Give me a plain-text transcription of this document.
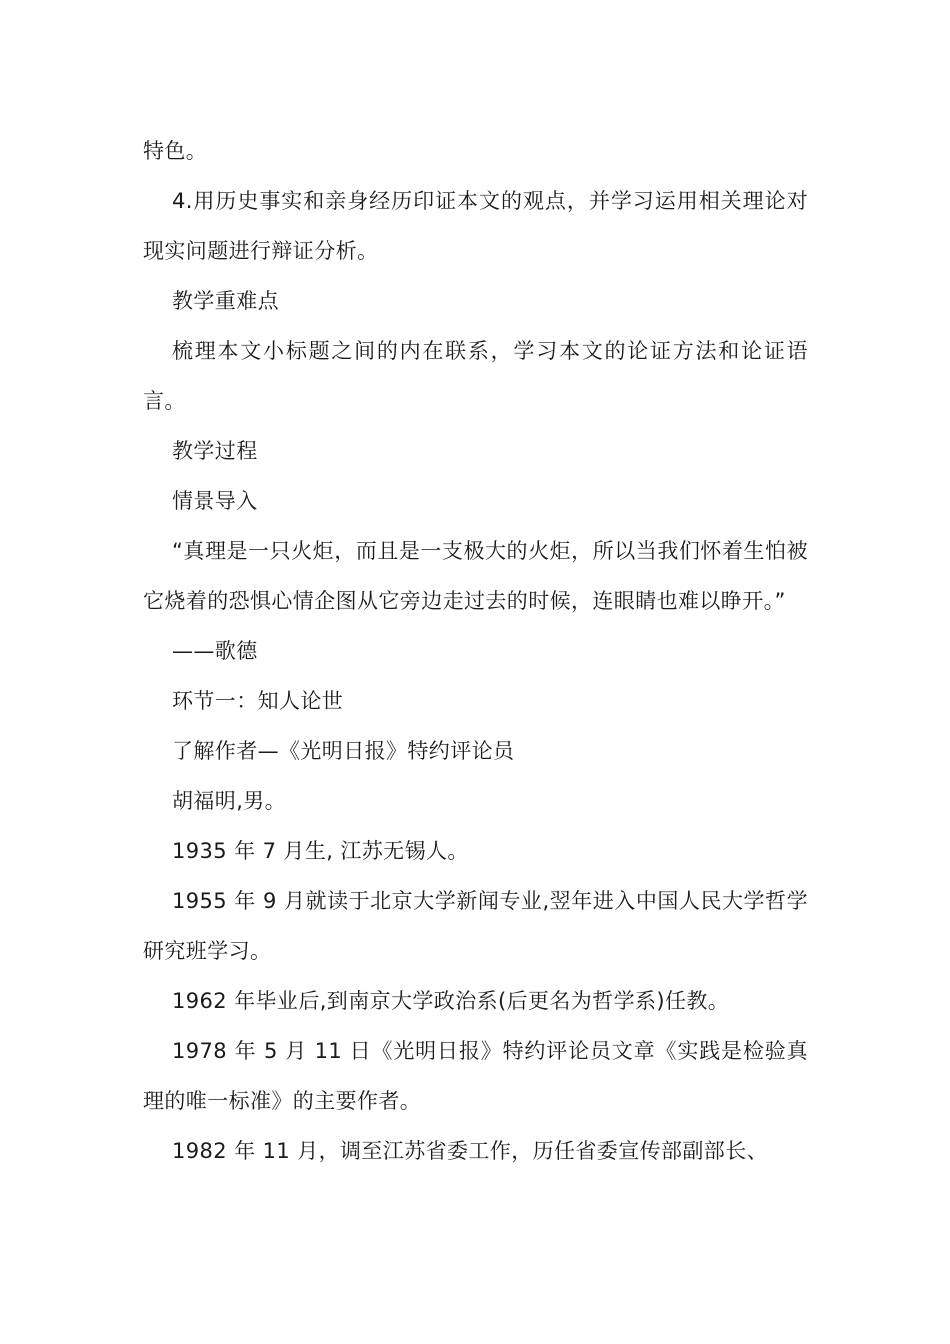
特色。

4.用历史事实和亲身经历印证本文的观点，并学习运用相关理论对现实问题进行辩证分析。

教学重难点

梳理本文小标题之间的内在联系，学习本文的论证方法和论证语言。

教学过程

情景导入

“真理是一只火炬，而且是一支极大的火炬，所以当我们怀着生怕被它烧着的恐惧心情企图从它旁边走过去的时候，连眼睛也难以睁开。”

——歌德

环节一：知人论世

了解作者—《光明日报》特约评论员

胡福明,男。

1935 年 7 月生, 江苏无锡人。

1955 年 9 月就读于北京大学新闻专业,翌年进入中国人民大学哲学研究班学习。

1962 年毕业后,到南京大学政治系(后更名为哲学系)任教。

1978 年 5 月 11 日《光明日报》特约评论员文章《实践是检验真理的唯一标准》的主要作者。

1982 年 11 月，调至江苏省委工作，历任省委宣传部副部长、
